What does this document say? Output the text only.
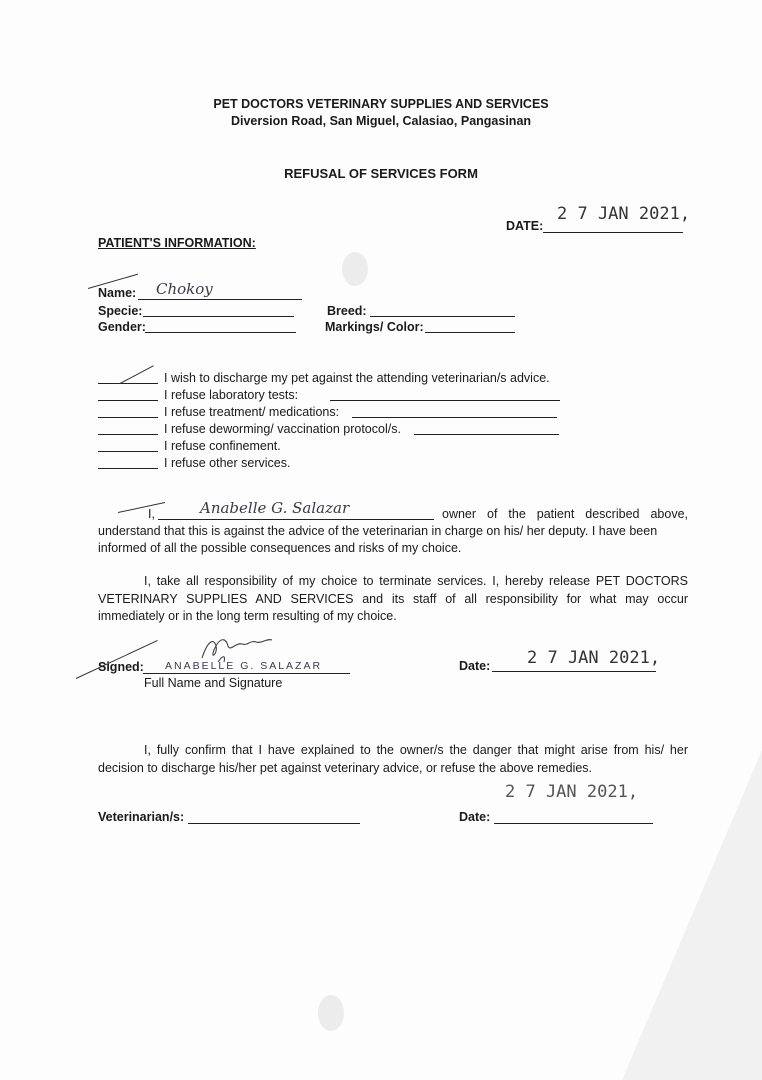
PET DOCTORS VETERINARY SUPPLIES AND SERVICES
Diversion Road, San Miguel, Calasiao, Pangasinan
REFUSAL OF SERVICES FORM
DATE:
2 7 JAN 2021,
PATIENT'S INFORMATION:
Name: Chokoy
Specie:	Breed:
Gender:	Markings/ Color:
I wish to discharge my pet against the attending veterinarian/s advice.
I refuse laboratory tests:
I refuse treatment/ medications:
I refuse deworming/ vaccination protocol/s.
I refuse confinement.
I refuse other services.
I,	Anabelle G. Salazar	owner of the patient described above,
understand that this is against the advice of the veterinarian in charge on his/ her deputy. I have been
informed of all the possible consequences and risks of my choice.
I, take all responsibility of my choice to terminate services. I, hereby release PET DOCTORS VETERINARY SUPPLIES AND SERVICES and its staff of all responsibility for what may occur immediately or in the long term resulting of my choice.
Signed: ANABELLE G. SALAZAR
Full Name and Signature
Date: 2 7 JAN 2021,
I, fully confirm that I have explained to the owner/s the danger that might arise from his/ her decision to discharge his/her pet against veterinary advice, or refuse the above remedies.
2 7 JAN 2021,
Veterinarian/s:	Date:
